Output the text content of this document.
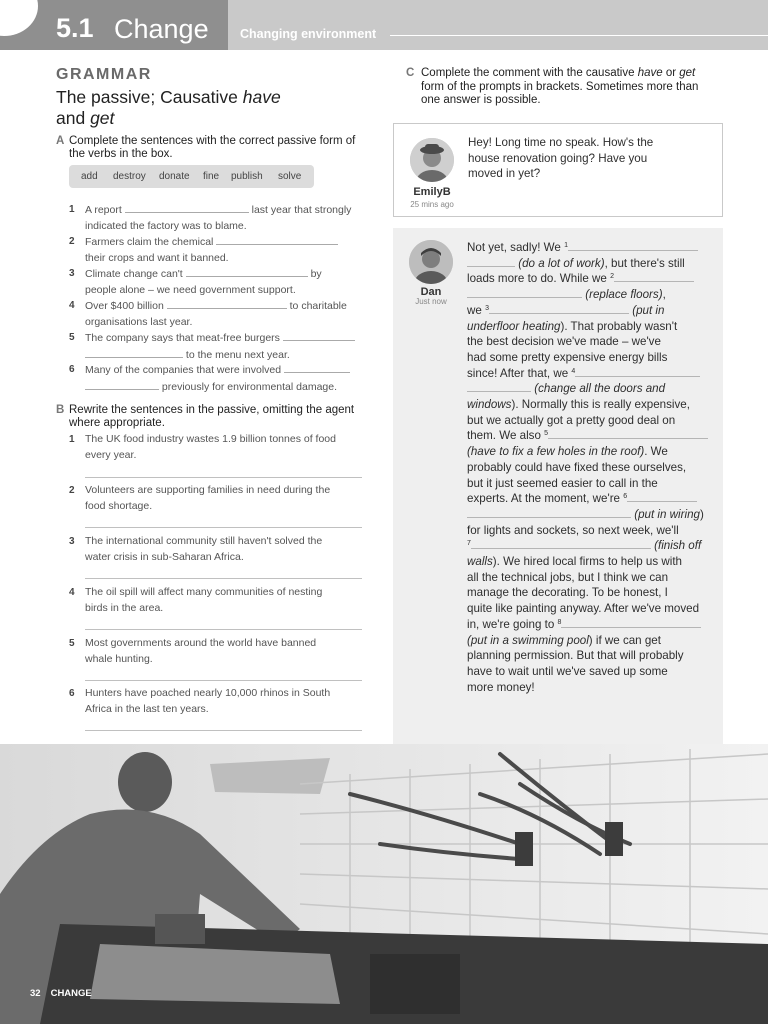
5.1 Change	Changing environment
GRAMMAR
The passive; Causative have
and get
A Complete the sentences with the correct passive form of
the verbs in the box.
add destroy donate fine publish solve
1 A report	last year that strongly
indicated the factory was to blame.
2 Farmers claim the chemical
their crops and want it banned.
3 Climate change can't	by
people alone – we need government support.
4 Over $400 billion	to charitable
organisations last year.
5 The company says that meat-free burgers
to the menu next year.
6 Many of the companies that were involved
previously for environmental damage.
B Rewrite the sentences in the passive, omitting the agent
where appropriate.
1 The UK food industry wastes 1.9 billion tonnes of food
every year.
2 Volunteers are supporting families in need during the
food shortage.
3 The international community still haven't solved the
water crisis in sub-Saharan Africa.
4 The oil spill will affect many communities of nesting
birds in the area.
5 Most governments around the world have banned
whale hunting.
6 Hunters have poached nearly 10,000 rhinos in South
Africa in the last ten years.
C Complete the comment with the causative have or get
form of the prompts in brackets. Sometimes more than
one answer is possible.
EmilyB
25 mins ago
Hey! Long time no speak. How's the
house renovation going? Have you
moved in yet?
Dan
Just now
Not yet, sadly! We $^1$
(do a lot of work), but there's still
loads more to do. While we $^2$
(replace floors),
we $^3$	(put in
underfloor heating). That probably wasn't
the best decision we've made – we've
had some pretty expensive energy bills
since! After that, we $^4$
(change all the doors and
windows). Normally this is really expensive,
but we actually got a pretty good deal on
them. We also $^5$
(have to fix a few holes in the roof). We
probably could have fixed these ourselves,
but it just seemed easier to call in the
experts. At the moment, we're $^6$
(put in wiring)
for lights and sockets, so next week, we'll
$^7$	(finish off
walls). We hired local firms to help us with
all the technical jobs, but I think we can
manage the decorating. To be honest, I
quite like painting anyway. After we've moved
in, we're going to $^8$
(put in a swimming pool) if we can get
planning permission. But that will probably
have to wait until we've saved up some
more money!
32 CHANGE
